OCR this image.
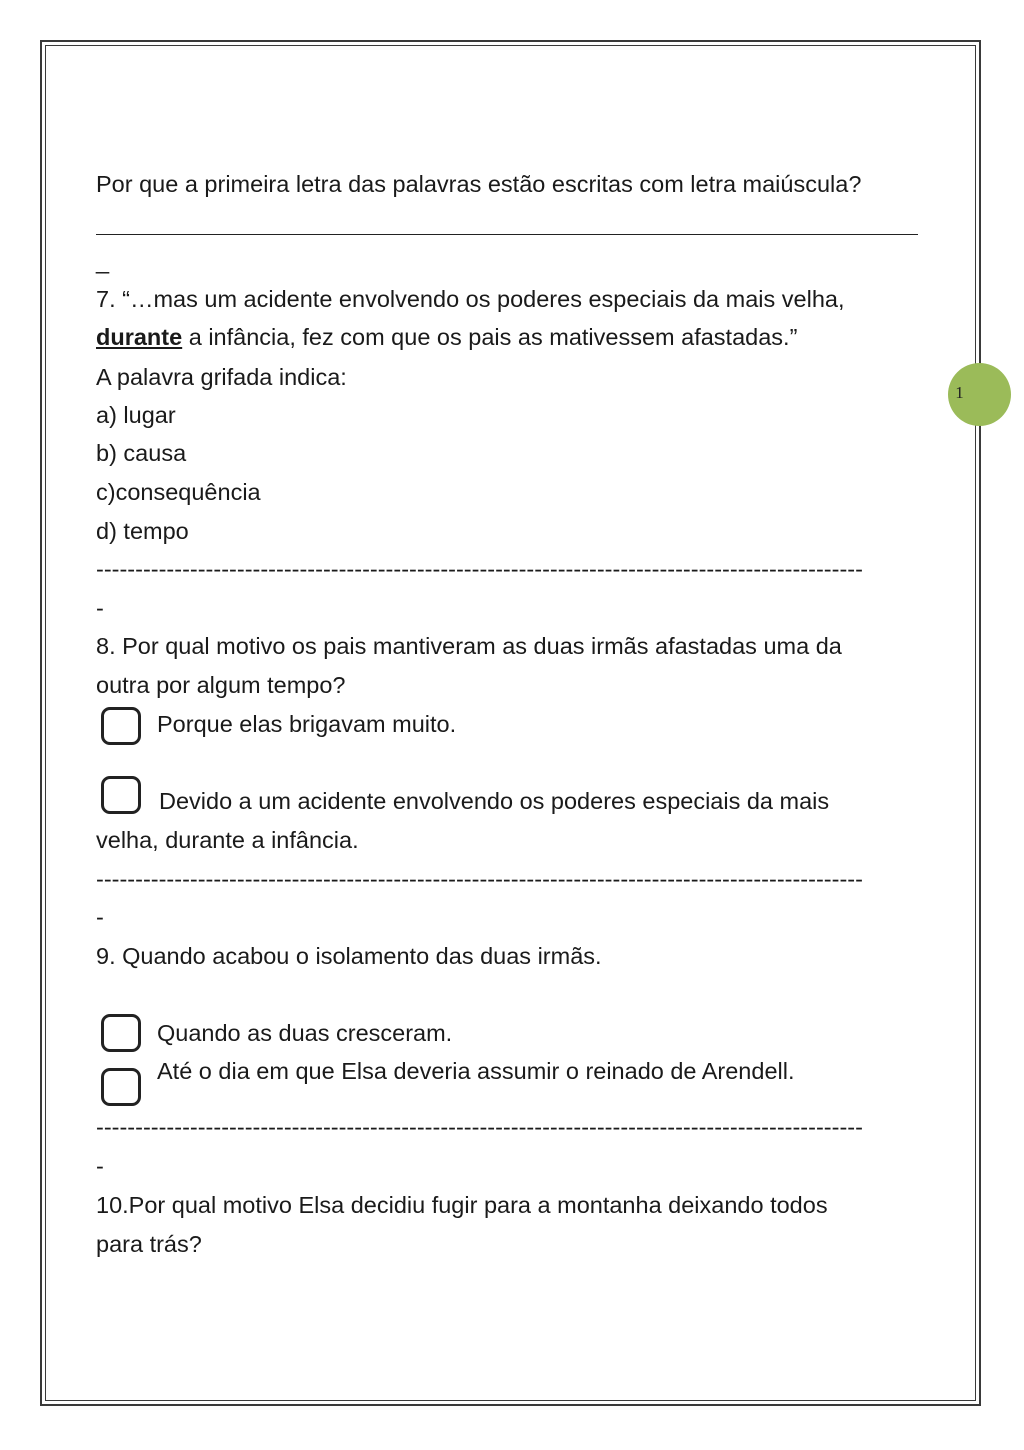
1
Por que a primeira letra das palavras estão escritas com letra maiúscula?
_
7. “…mas um acidente envolvendo os poderes especiais da mais velha,
durante a infância, fez com que os pais as mativessem afastadas.”
A palavra grifada indica:
a) lugar
b) causa
c)consequência
d) tempo
--------------------------------------------------------------------------------------------------
-
8. Por qual motivo os pais mantiveram as duas irmãs afastadas uma da
outra por algum tempo?
Porque elas brigavam muito.
Devido a um acidente envolvendo os poderes especiais da mais
velha, durante a infância.
--------------------------------------------------------------------------------------------------
-
9. Quando acabou o isolamento das duas irmãs.
Quando as duas cresceram.
Até o dia em que Elsa deveria assumir o reinado de Arendell.
--------------------------------------------------------------------------------------------------
-
10.Por qual motivo Elsa decidiu fugir para a montanha deixando todos
para trás?
